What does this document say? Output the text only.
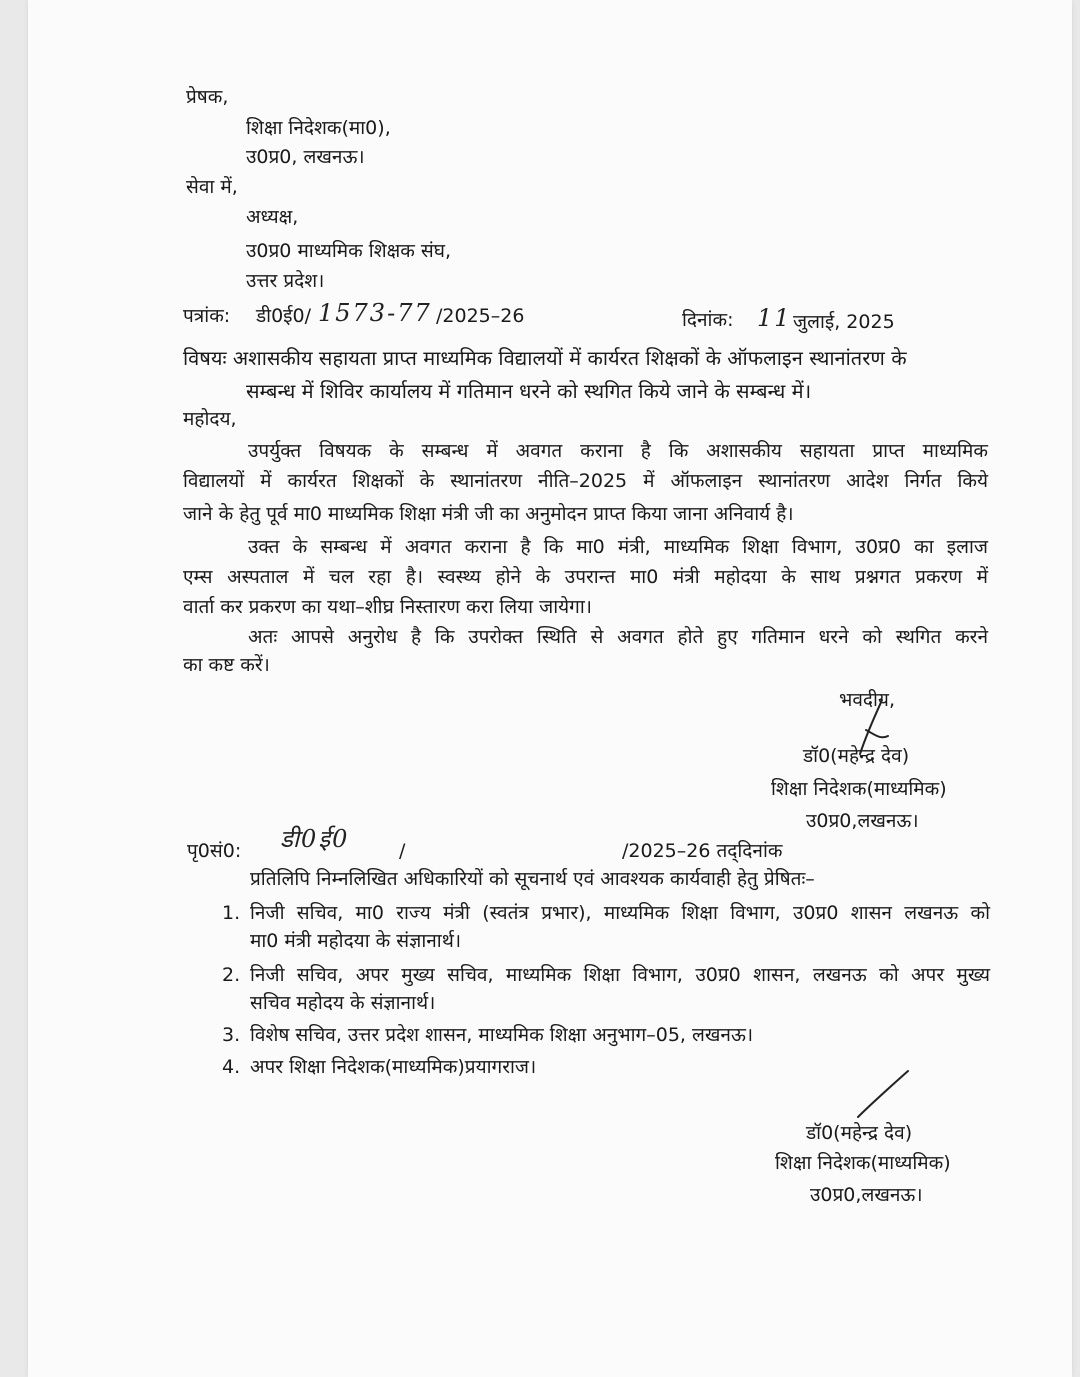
प्रेषक,
शिक्षा निदेशक(मा0),
उ0प्र0, लखनऊ।
सेवा में,
अध्यक्ष,
उ0प्र0 माध्यमिक शिक्षक संघ,
उत्तर प्रदेश।
पत्रांक: डी0ई0/ 1573-77 /2025–26	दिनांक: 11 जुलाई, 2025
विषयः अशासकीय सहायता प्राप्त माध्यमिक विद्यालयों में कार्यरत शिक्षकों के ऑफलाइन स्थानांतरण के
सम्बन्ध में शिविर कार्यालय में गतिमान धरने को स्थगित किये जाने के सम्बन्ध में।
महोदय,
उपर्युक्त विषयक के सम्बन्ध में अवगत कराना है कि अशासकीय सहायता प्राप्त माध्यमिक
विद्यालयों में कार्यरत शिक्षकों के स्थानांतरण नीति–2025 में ऑफलाइन स्थानांतरण आदेश निर्गत किये
जाने के हेतु पूर्व मा0 माध्यमिक शिक्षा मंत्री जी का अनुमोदन प्राप्त किया जाना अनिवार्य है।
उक्त के सम्बन्ध में अवगत कराना है कि मा0 मंत्री, माध्यमिक शिक्षा विभाग, उ0प्र0 का इलाज
एम्स अस्पताल में चल रहा है। स्वस्थ्य होने के उपरान्त मा0 मंत्री महोदया के साथ प्रश्नगत प्रकरण में
वार्ता कर प्रकरण का यथा–शीघ्र निस्तारण करा लिया जायेगा।
अतः आपसे अनुरोध है कि उपरोक्त स्थिति से अवगत होते हुए गतिमान धरने को स्थगित करने
का कष्ट करें।
भवदीय,
डॉ0(महेन्द्र देव)
शिक्षा निदेशक(माध्यमिक)
उ0प्र0,लखनऊ।
पृ0सं0: डी0ई0	/	/2025–26 तद्‌दिनांक
प्रतिलिपि निम्नलिखित अधिकारियों को सूचनार्थ एवं आवश्यक कार्यवाही हेतु प्रेषितः–
1. निजी सचिव, मा0 राज्य मंत्री (स्वतंत्र प्रभार), माध्यमिक शिक्षा विभाग, उ0प्र0 शासन लखनऊ को
मा0 मंत्री महोदया के संज्ञानार्थ।
2. निजी सचिव, अपर मुख्य सचिव, माध्यमिक शिक्षा विभाग, उ0प्र0 शासन, लखनऊ को अपर मुख्य
सचिव महोदय के संज्ञानार्थ।
3. विशेष सचिव, उत्तर प्रदेश शासन, माध्यमिक शिक्षा अनुभाग–05, लखनऊ।
4. अपर शिक्षा निदेशक(माध्यमिक)प्रयागराज।
डॉ0(महेन्द्र देव)
शिक्षा निदेशक(माध्यमिक)
उ0प्र0,लखनऊ।
